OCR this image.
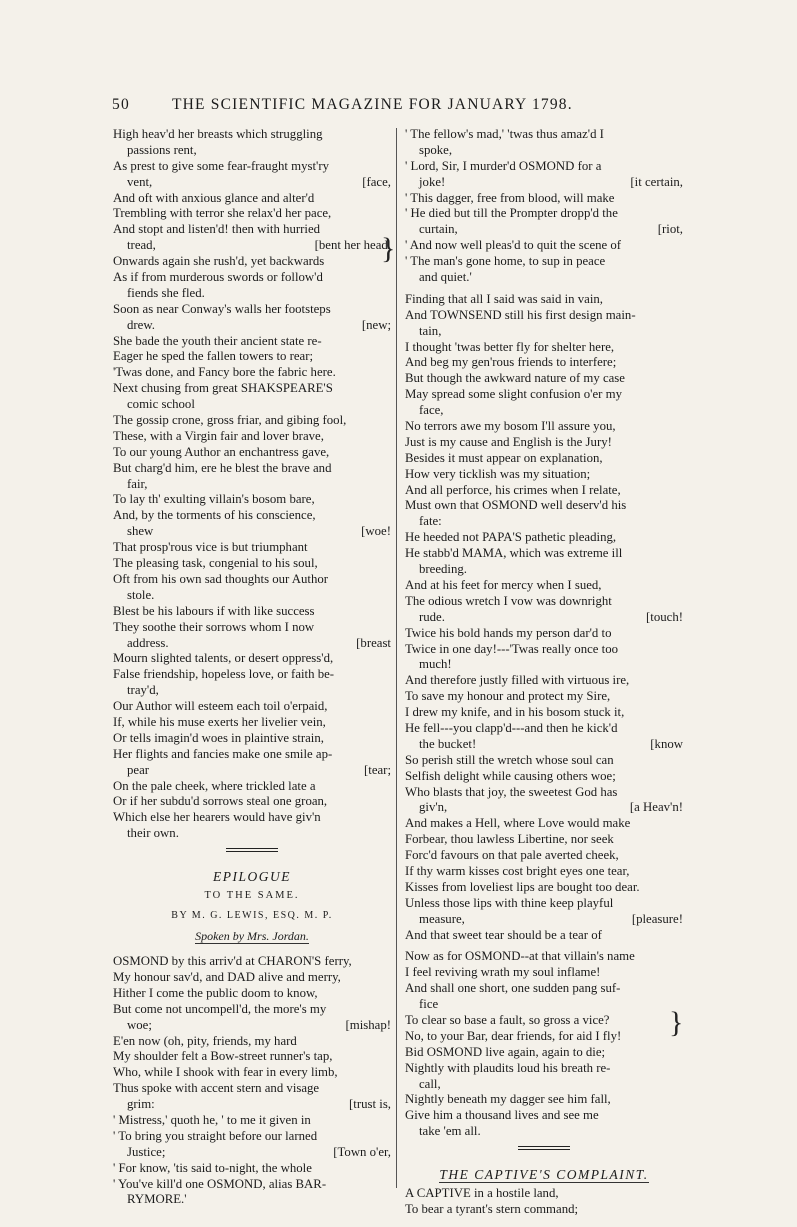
50	THE SCIENTIFIC MAGAZINE FOR JANUARY 1798.
High heav'd her breasts which struggling
passions rent,
As prest to give some fear-fraught myst'ry
vent,	[face,
And oft with anxious glance and alter'd
Trembling with terror she relax'd her pace,
And stopt and listen'd! then with hurried
tread,	[bent her head,
Onwards again she rush'd, yet backwards
As if from murderous swords or follow'd
fiends she fled.
Soon as near Conway's walls her footsteps
drew.	[new;
She bade the youth their ancient state re-
Eager he sped the fallen towers to rear;
'Twas done, and Fancy bore the fabric here.
Next chusing from great SHAKSPEARE'S
comic school
The gossip crone, gross friar, and gibing fool,
These, with a Virgin fair and lover brave,
To our young Author an enchantress gave,
But charg'd him, ere he blest the brave and
fair,
To lay th' exulting villain's bosom bare,
And, by the torments of his conscience,
shew	[woe!
That prosp'rous vice is but triumphant
The pleasing task, congenial to his soul,
Oft from his own sad thoughts our Author
stole.
Blest be his labours if with like success
They soothe their sorrows whom I now
address.	[breast
Mourn slighted talents, or desert oppress'd,
False friendship, hopeless love, or faith be-
tray'd,
Our Author will esteem each toil o'erpaid,
If, while his muse exerts her livelier vein,
Or tells imagin'd woes in plaintive strain,
Her flights and fancies make one smile ap-
pear	[tear;
On the pale cheek, where trickled late a
Or if her subdu'd sorrows steal one groan,
Which else her hearers would have giv'n
their own.
EPILOGUE
TO THE SAME.
BY M. G. LEWIS, ESQ. M. P.
Spoken by Mrs. Jordan.
OSMOND by this arriv'd at CHARON'S ferry,
My honour sav'd, and DAD alive and merry,
Hither I come the public doom to know,
But come not uncompell'd, the more's my
woe;	[mishap!
E'en now (oh, pity, friends, my hard
My shoulder felt a Bow-street runner's tap,
Who, while I shook with fear in every limb,
Thus spoke with accent stern and visage
grim:	[trust is,
' Mistress,' quoth he, ' to me it given in
' To bring you straight before our larned
Justice;	[Town o'er,
' For know, 'tis said to-night, the whole
' You've kill'd one OSMOND, alias BAR-
RYMORE.'
' The fellow's mad,' 'twas thus amaz'd I
spoke,
' Lord, Sir, I murder'd OSMOND for a
joke!	[it certain,
' This dagger, free from blood, will make
' He died but till the Prompter dropp'd the
curtain,	[riot,
' And now well pleas'd to quit the scene of
' The man's gone home, to sup in peace
and quiet.'
Finding that all I said was said in vain,
And TOWNSEND still his first design main-
tain,
I thought 'twas better fly for shelter here,
And beg my gen'rous friends to interfere;
But though the awkward nature of my case
May spread some slight confusion o'er my
face,
No terrors awe my bosom I'll assure you,
Just is my cause and English is the Jury!
Besides it must appear on explanation,
How very ticklish was my situation;
And all perforce, his crimes when I relate,
Must own that OSMOND well deserv'd his
fate:
He heeded not PAPA'S pathetic pleading,
He stabb'd MAMA, which was extreme ill
breeding.
And at his feet for mercy when I sued,
The odious wretch I vow was downright
rude.	[touch!
Twice his bold hands my person dar'd to
Twice in one day!---'Twas really once too
much!
And therefore justly filled with virtuous ire,
To save my honour and protect my Sire,
I drew my knife, and in his bosom stuck it,
He fell---you clapp'd---and then he kick'd
the bucket!	[know
So perish still the wretch whose soul can
Selfish delight while causing others woe;
Who blasts that joy, the sweetest God has
giv'n,	[a Heav'n!
And makes a Hell, where Love would make
Forbear, thou lawless Libertine, nor seek
Forc'd favours on that pale averted cheek,
If thy warm kisses cost bright eyes one tear,
Kisses from loveliest lips are bought too dear.
Unless those lips with thine keep playful
measure,	[pleasure!
And that sweet tear should be a tear of
Now as for OSMOND--at that villain's name
I feel reviving wrath my soul inflame!
And shall one short, one sudden pang suf-
fice
To clear so base a fault, so gross a vice?
No, to your Bar, dear friends, for aid I fly!
Bid OSMOND live again, again to die;
Nightly with plaudits loud his breath re-
call,
Nightly beneath my dagger see him fall,
Give him a thousand lives and see me
take 'em all.
THE CAPTIVE'S COMPLAINT.
A CAPTIVE in a hostile land,
To bear a tyrant's stern command;
}
}
